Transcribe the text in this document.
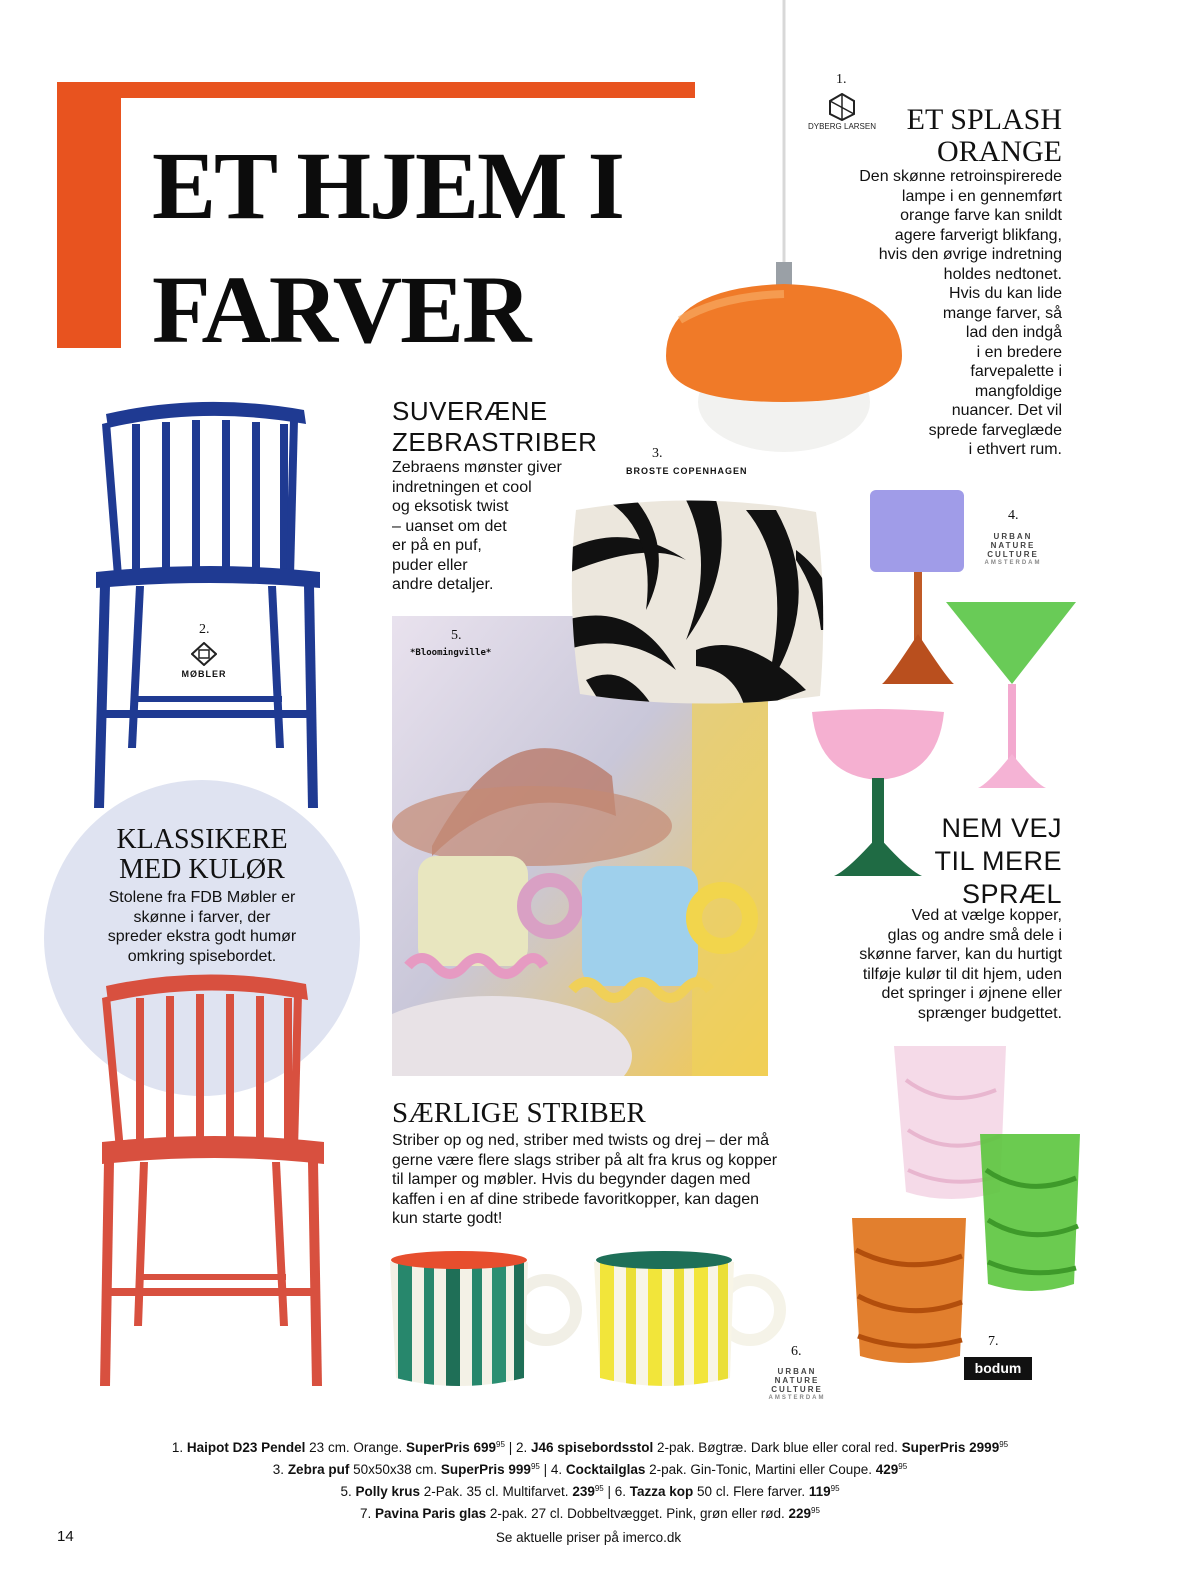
ET HJEM I
FARVER
1.
DYBERG LARSEN	ET SPLASH
ORANGE
Den skønne retroinspirerede
lampe i en gennemført
orange farve kan snildt
agere farverigt blikfang,
hvis den øvrige indretning
holdes nedtonet.
Hvis du kan lide
mange farver, så
lad den indgå
i en bredere
farvepalette i
mangfoldige
nuancer. Det vil
sprede farveglæde
i ethvert rum.
2.
MØBLER
KLASSIKERE
MED KULØR
Stolene fra FDB Møbler er
skønne i farver, der
spreder ekstra godt humør
omkring spisebordet.
SUVERÆNE
ZEBRASTRIBER
Zebraens mønster giver
indretningen et cool
og eksotisk twist
– uanset om det
er på en puf,
puder eller
andre detaljer.
3.
BROSTE COPENHAGEN
5.
*Bloomingville*
4.
URBAN
NATURE
CULTURE
AMSTERDAM
NEM VEJ
TIL MERE
SPRÆL
Ved at vælge kopper,
glas og andre små dele i
skønne farver, kan du hurtigt
tilføje kulør til dit hjem, uden
det springer i øjnene eller
sprænger budgettet.
SÆRLIGE STRIBER
Striber op og ned, striber med twists og drej – der må
gerne være flere slags striber på alt fra krus og kopper
til lamper og møbler. Hvis du begynder dagen med
kaffen i en af dine stribede favoritkopper, kan dagen
kun starte godt!
6.
URBAN
NATURE
CULTURE
AMSTERDAM
7.
bodum
1. Haipot D23 Pendel 23 cm. Orange. SuperPris $699^{95}$ | 2. J46 spisebordsstol 2-pak. Bøgtræ. Dark blue eller coral red. SuperPris 2999$^{95}$
3. Zebra puf 50x50x38 cm. SuperPris $999^{95}$ | 4. Cocktailglas 2-pak. Gin-Tonic, Martini eller Coupe. $429^{95}$
5. Polly krus 2-Pak. 35 cl. Multifarvet. $239^{95}$ | 6. Tazza kop 50 cl. Flere farver. $119^{95}$
7. Pavina Paris glas 2-pak. 27 cl. Dobbeltvægget. Pink, grøn eller rød. $229^{95}$
14	Se aktuelle priser på imerco.dk
